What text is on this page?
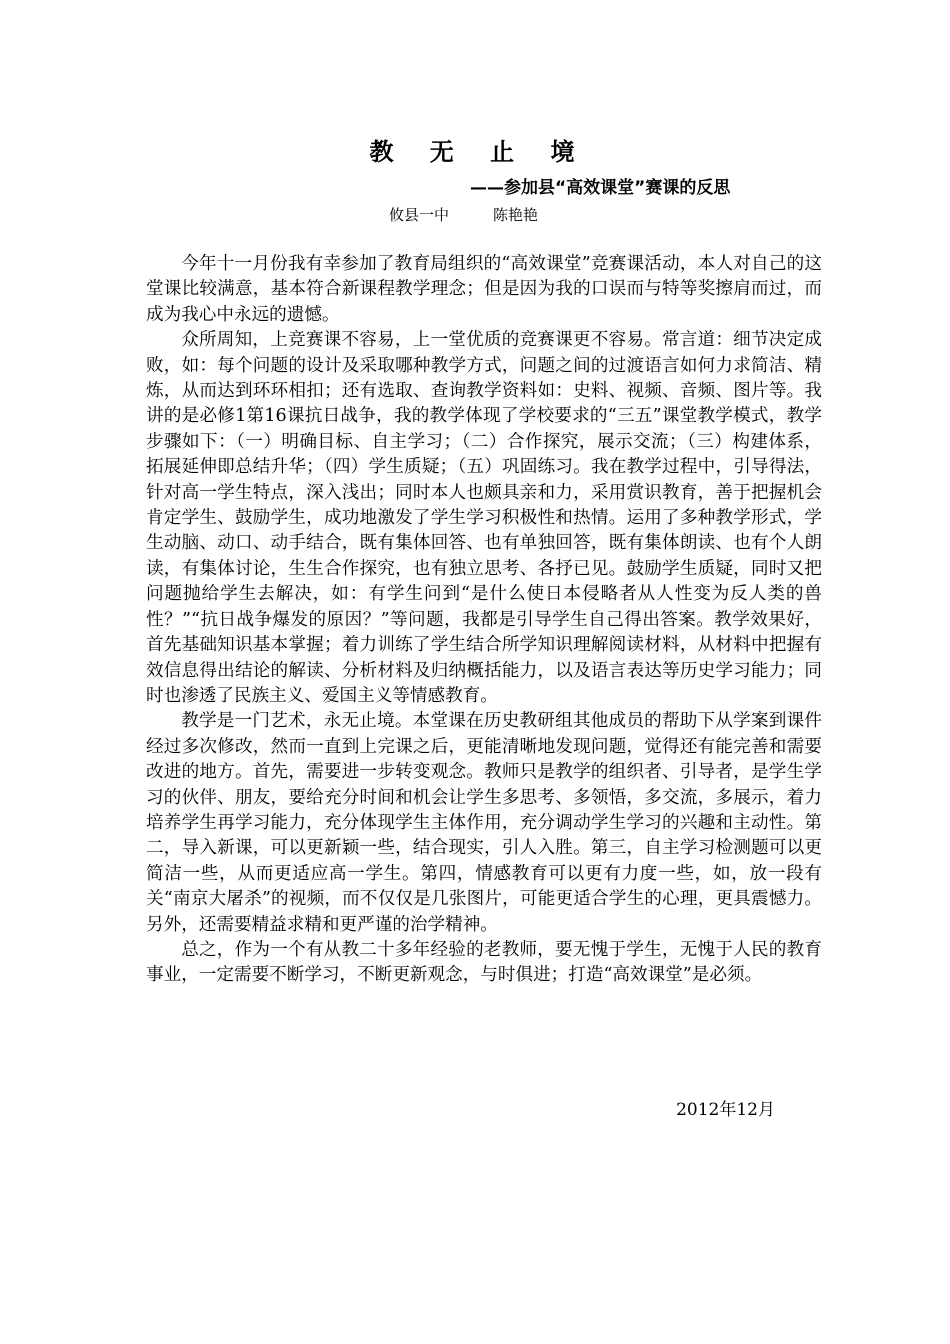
教 无 止 境
——参加县“高效课堂”赛课的反思
攸县一中	陈艳艳

今年十一月份我有幸参加了教育局组织的“高效课堂”竞赛课活动，本人对自己的这堂课比较满意，基本符合新课程教学理念；但是因为我的口误而与特等奖擦肩而过，而成为我心中永远的遗憾。

众所周知，上竞赛课不容易，上一堂优质的竞赛课更不容易。常言道：细节决定成败，如：每个问题的设计及采取哪种教学方式，问题之间的过渡语言如何力求简洁、精炼，从而达到环环相扣；还有选取、查询教学资料如：史料、视频、音频、图片等。我讲的是必修1第16课抗日战争，我的教学体现了学校要求的“三五”课堂教学模式，教学步骤如下：（一）明确目标、自主学习；（二）合作探究，展示交流；（三）构建体系，拓展延伸即总结升华；（四）学生质疑；（五）巩固练习。我在教学过程中，引导得法，针对高一学生特点，深入浅出；同时本人也颇具亲和力，采用赏识教育，善于把握机会肯定学生、鼓励学生，成功地激发了学生学习积极性和热情。运用了多种教学形式，学生动脑、动口、动手结合，既有集体回答、也有单独回答，既有集体朗读、也有个人朗读，有集体讨论，生生合作探究，也有独立思考、各抒已见。鼓励学生质疑，同时又把问题抛给学生去解决，如：有学生问到“是什么使日本侵略者从人性变为反人类的兽性？”“抗日战争爆发的原因？”等问题，我都是引导学生自己得出答案。教学效果好，首先基础知识基本掌握；着力训练了学生结合所学知识理解阅读材料，从材料中把握有效信息得出结论的解读、分析材料及归纳概括能力，以及语言表达等历史学习能力；同时也渗透了民族主义、爱国主义等情感教育。

教学是一门艺术，永无止境。本堂课在历史教研组其他成员的帮助下从学案到课件经过多次修改，然而一直到上完课之后，更能清晰地发现问题，觉得还有能完善和需要改进的地方。首先，需要进一步转变观念。教师只是教学的组织者、引导者，是学生学习的伙伴、朋友，要给充分时间和机会让学生多思考、多领悟，多交流，多展示，着力培养学生再学习能力，充分体现学生主体作用，充分调动学生学习的兴趣和主动性。第二，导入新课，可以更新颖一些，结合现实，引人入胜。第三，自主学习检测题可以更简洁一些，从而更适应高一学生。第四，情感教育可以更有力度一些，如，放一段有关“南京大屠杀”的视频，而不仅仅是几张图片，可能更适合学生的心理，更具震憾力。另外，还需要精益求精和更严谨的治学精神。

总之，作为一个有从教二十多年经验的老教师，要无愧于学生，无愧于人民的教育事业，一定需要不断学习，不断更新观念，与时俱进；打造“高效课堂”是必须。

2012年12月
